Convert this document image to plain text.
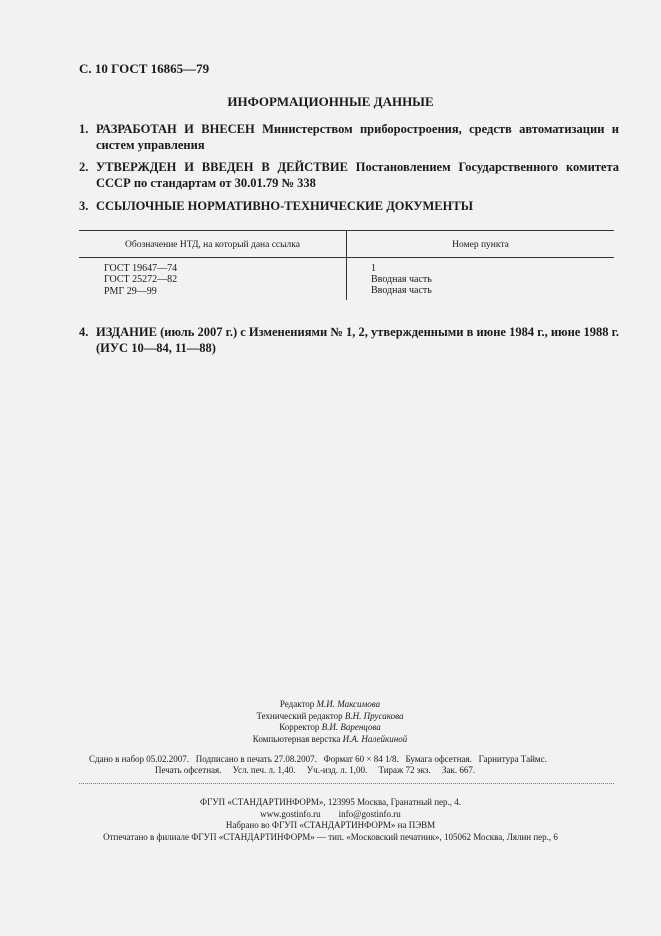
С. 10 ГОСТ 16865—79
ИНФОРМАЦИОННЫЕ ДАННЫЕ
1. РАЗРАБОТАН И ВНЕСЕН Министерством приборостроения, средств автоматизации и систем управления
2. УТВЕРЖДЕН И ВВЕДЕН В ДЕЙСТВИЕ Постановлением Государственного комитета СССР по стандартам от 30.01.79 № 338
3. ССЫЛОЧНЫЕ НОРМАТИВНО-ТЕХНИЧЕСКИЕ ДОКУМЕНТЫ
Обозначение НТД, на который дана ссылка	Номер пункта
ГОСТ 19647—74	1
ГОСТ 25272—82	Вводная часть
РМГ 29—99	Вводная часть
4. ИЗДАНИЕ (июль 2007 г.) с Изменениями № 1, 2, утвержденными в июне 1984 г., июне 1988 г. (ИУС 10—84, 11—88)
Редактор М.И. Максимова
Технический редактор В.Н. Прусакова
Корректор В.И. Варенцова
Компьютерная верстка И.А. Налейкиной
Сдано в набор 05.02.2007.   Подписано в печать 27.08.2007.   Формат 60 × 84 1/8.   Бумага офсетная.   Гарнитура Таймс.
Печать офсетная.     Усл. печ. л. 1,40.     Уч.-изд. л. 1,00.     Тираж 72 экз.     Зак. 667.
ФГУП «СТАНДАРТИНФОРМ», 123995 Москва, Гранатный пер., 4.
www.gostinfo.ru        info@gostinfo.ru
Набрано во ФГУП «СТАНДАРТИНФОРМ» на ПЭВМ
Отпечатано в филиале ФГУП «СТАНДАРТИНФОРМ» — тип. «Московский печатник», 105062 Москва, Лялин пер., 6
